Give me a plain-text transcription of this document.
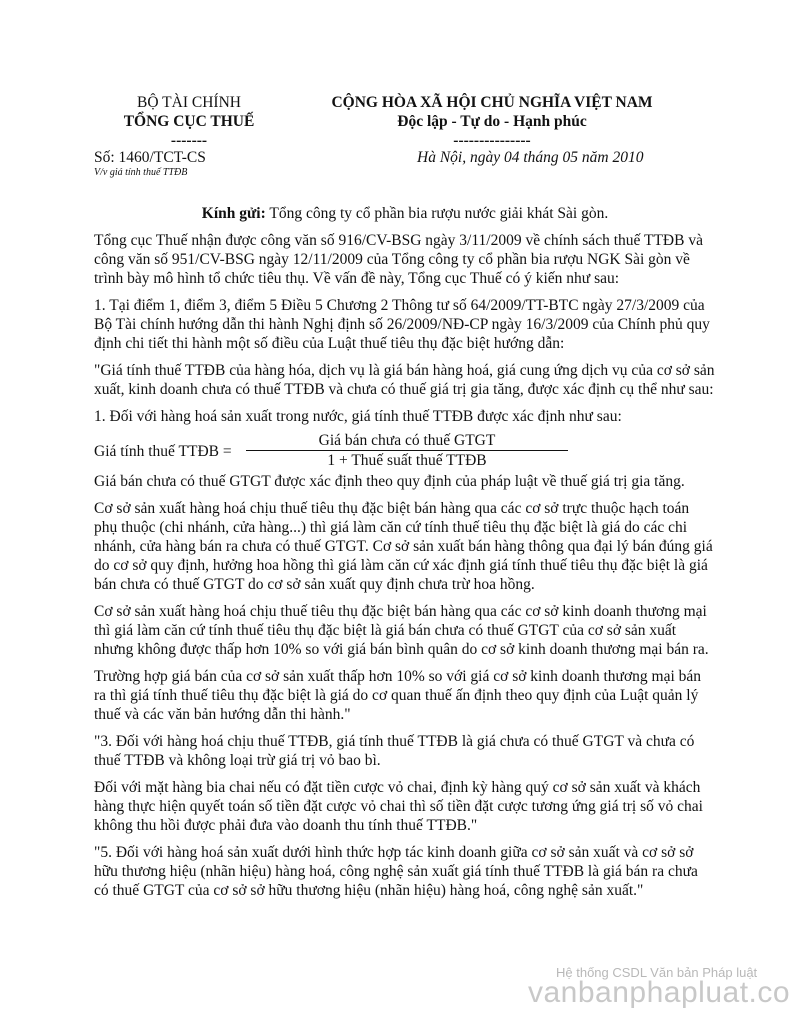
BỘ TÀI CHÍNH
TỔNG CỤC THUẾ
-------
CỘNG HÒA XÃ HỘI CHỦ NGHĨA VIỆT NAM
Độc lập - Tự do - Hạnh phúc
---------------
Số: 1460/TCT-CS
V/v giá tính thuế TTĐB
Hà Nội, ngày 04 tháng 05 năm 2010

Kính gửi: Tổng công ty cổ phần bia rượu nước giải khát Sài gòn.

Tổng cục Thuế nhận được công văn số 916/CV-BSG ngày 3/11/2009 về chính sách thuế TTĐB và công văn số 951/CV-BSG ngày 12/11/2009 của Tổng công ty cổ phần bia rượu NGK Sài gòn về trình bày mô hình tổ chức tiêu thụ. Về vấn đề này, Tổng cục Thuế có ý kiến như sau:

1. Tại điểm 1, điểm 3, điểm 5 Điều 5 Chương 2 Thông tư số 64/2009/TT-BTC ngày 27/3/2009 của Bộ Tài chính hướng dẫn thi hành Nghị định số 26/2009/NĐ-CP ngày 16/3/2009 của Chính phủ quy định chi tiết thi hành một số điều của Luật thuế tiêu thụ đặc biệt hướng dẫn:

"Giá tính thuế TTĐB của hàng hóa, dịch vụ là giá bán hàng hoá, giá cung ứng dịch vụ của cơ sở sản xuất, kinh doanh chưa có thuế TTĐB và chưa có thuế giá trị gia tăng, được xác định cụ thể như sau:

1. Đối với hàng hoá sản xuất trong nước, giá tính thuế TTĐB được xác định như sau:

Giá tính thuế TTĐB =
Giá bán chưa có thuế GTGT
1 + Thuế suất thuế TTĐB

Giá bán chưa có thuế GTGT được xác định theo quy định của pháp luật về thuế giá trị gia tăng.

Cơ sở sản xuất hàng hoá chịu thuế tiêu thụ đặc biệt bán hàng qua các cơ sở trực thuộc hạch toán phụ thuộc (chi nhánh, cửa hàng...) thì giá làm căn cứ tính thuế tiêu thụ đặc biệt là giá do các chi nhánh, cửa hàng bán ra chưa có thuế GTGT. Cơ sở sản xuất bán hàng thông qua đại lý bán đúng giá do cơ sở quy định, hưởng hoa hồng thì giá làm căn cứ xác định giá tính thuế tiêu thụ đặc biệt là giá bán chưa có thuế GTGT do cơ sở sản xuất quy định chưa trừ hoa hồng.

Cơ sở sản xuất hàng hoá chịu thuế tiêu thụ đặc biệt bán hàng qua các cơ sở kinh doanh thương mại thì giá làm căn cứ tính thuế tiêu thụ đặc biệt là giá bán chưa có thuế GTGT của cơ sở sản xuất nhưng không được thấp hơn 10% so với giá bán bình quân do cơ sở kinh doanh thương mại bán ra.

Trường hợp giá bán của cơ sở sản xuất thấp hơn 10% so với giá cơ sở kinh doanh thương mại bán ra thì giá tính thuế tiêu thụ đặc biệt là giá do cơ quan thuế ấn định theo quy định của Luật quản lý thuế và các văn bản hướng dẫn thi hành."

"3. Đối với hàng hoá chịu thuế TTĐB, giá tính thuế TTĐB là giá chưa có thuế GTGT và chưa có thuế TTĐB và không loại trừ giá trị vỏ bao bì.

Đối với mặt hàng bia chai nếu có đặt tiền cược vỏ chai, định kỳ hàng quý cơ sở sản xuất và khách hàng thực hiện quyết toán số tiền đặt cược vỏ chai thì số tiền đặt cược tương ứng giá trị số vỏ chai không thu hồi được phải đưa vào doanh thu tính thuế TTĐB."

"5. Đối với hàng hoá sản xuất dưới hình thức hợp tác kinh doanh giữa cơ sở sản xuất và cơ sở sở hữu thương hiệu (nhãn hiệu) hàng hoá, công nghệ sản xuất giá tính thuế TTĐB là giá bán ra chưa có thuế GTGT của cơ sở sở hữu thương hiệu (nhãn hiệu) hàng hoá, công nghệ sản xuất."

Hệ thống CSDL Văn bản Pháp luật
vanbanphapluat.co
